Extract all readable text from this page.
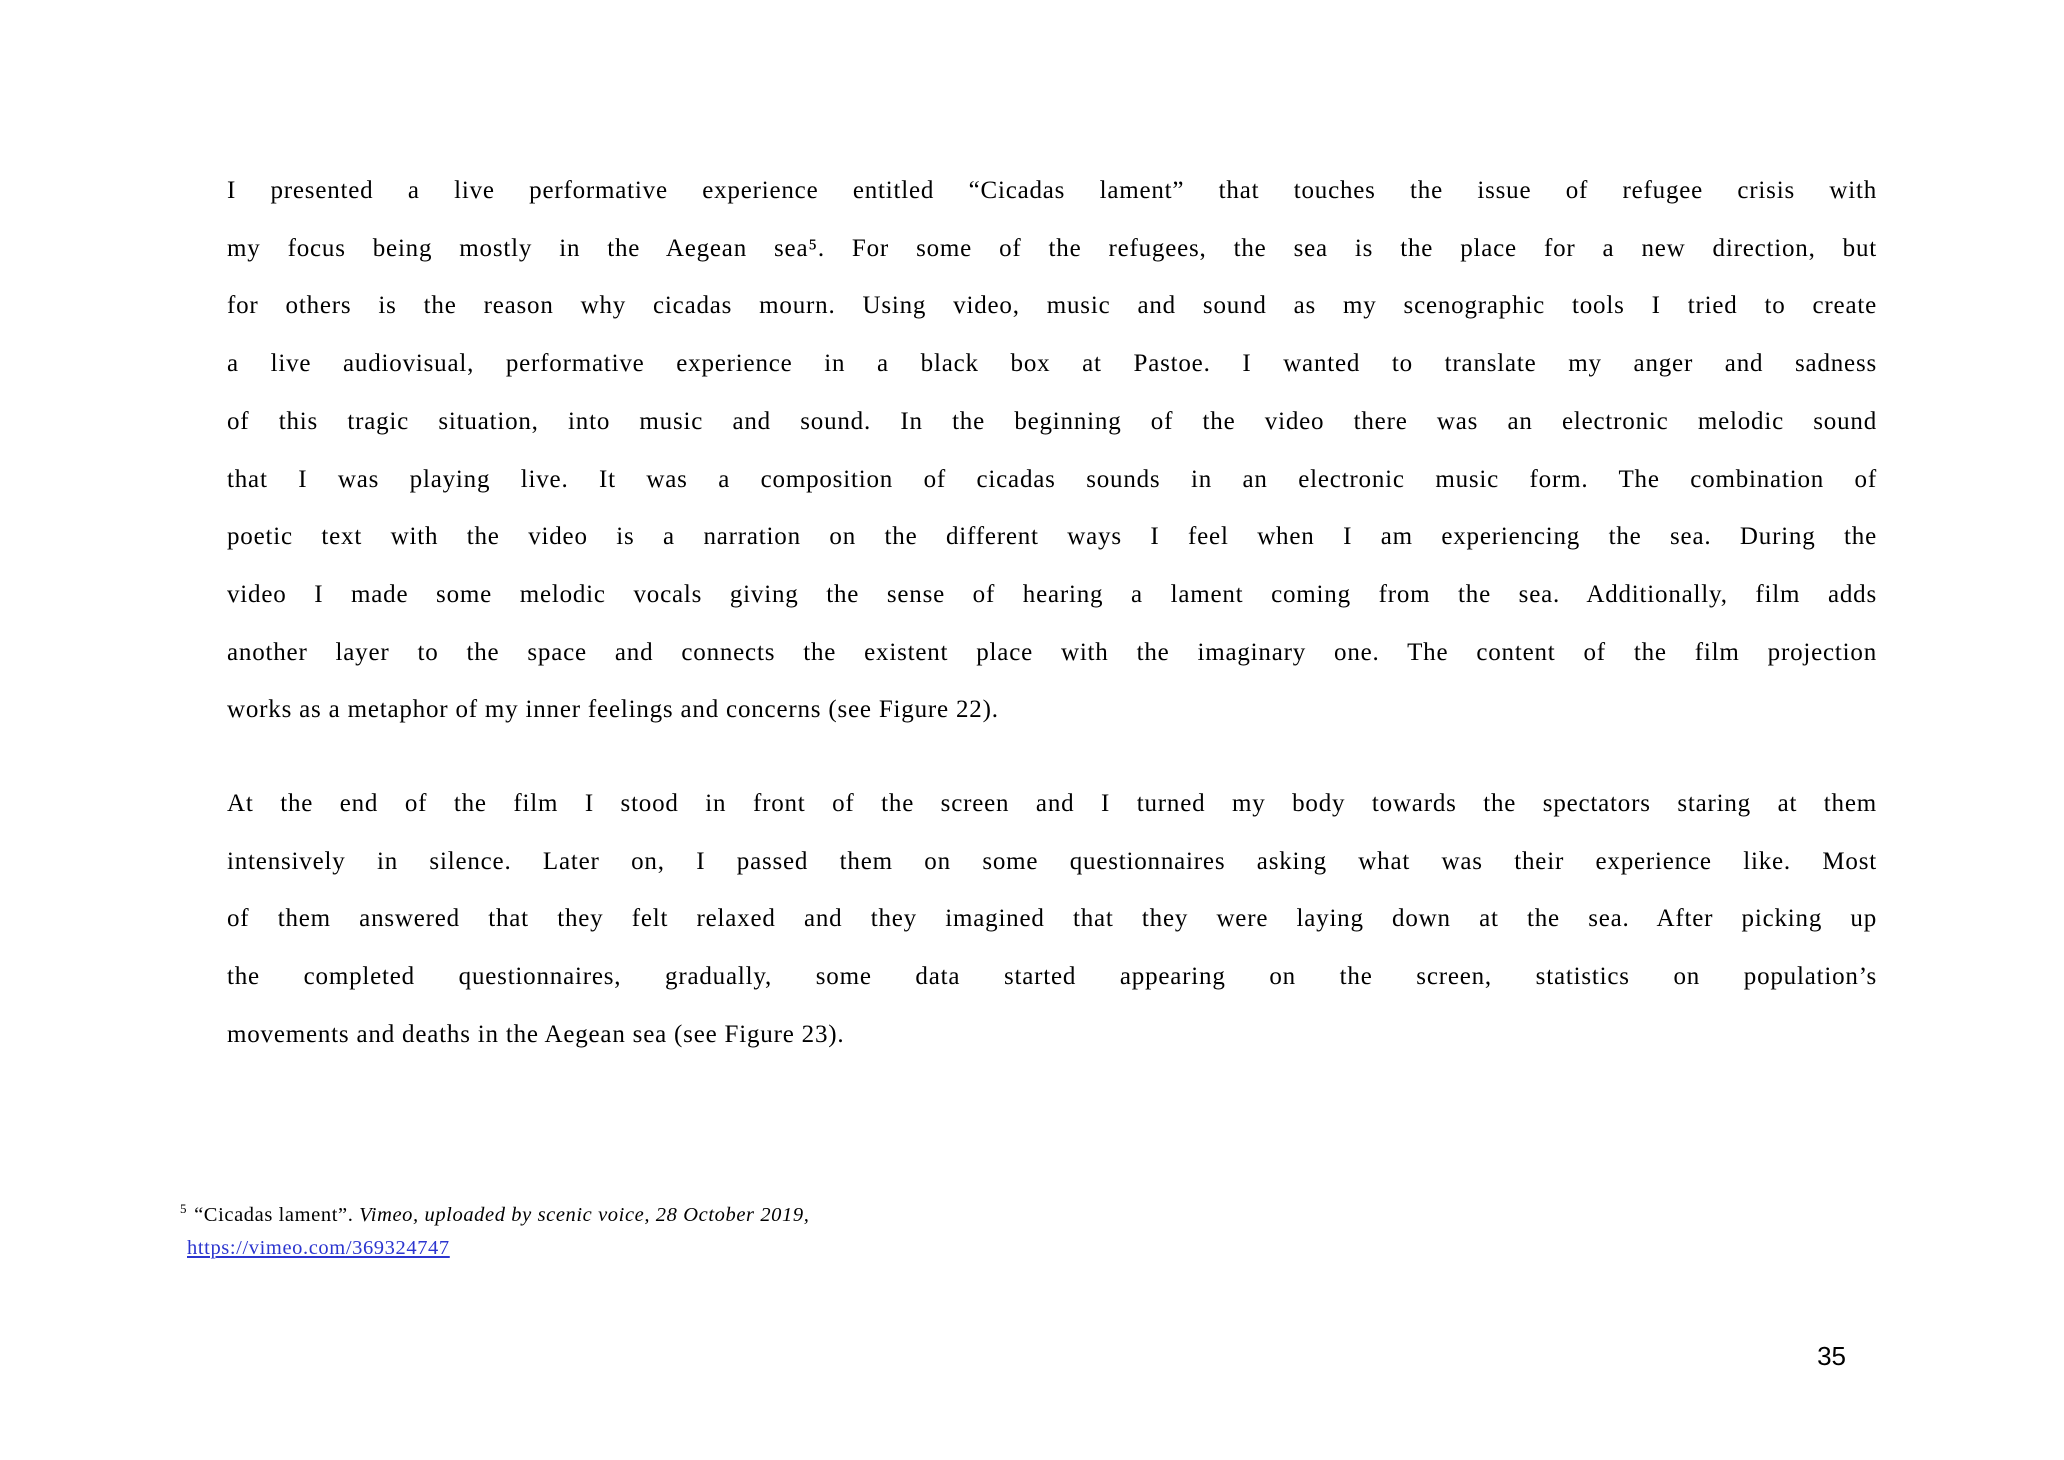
I presented a live performative experience entitled “Cicadas lament” that touches the issue of refugee crisis with
my focus being mostly in the Aegean sea⁵. For some of the refugees, the sea is the place for a new direction, but
for others is the reason why cicadas mourn. Using video, music and sound as my scenographic tools I tried to create
a live audiovisual, performative experience in a black box at Pastoe. I wanted to translate my anger and sadness
of this tragic situation, into music and sound. In the beginning of the video there was an electronic melodic sound
that I was playing live. It was a composition of cicadas sounds in an electronic music form. The combination of
poetic text with the video is a narration on the different ways I feel when I am experiencing the sea. During the
video I made some melodic vocals giving the sense of hearing a lament coming from the sea. Additionally, film adds
another layer to the space and connects the existent place with the imaginary one. The content of the film projection
works as a metaphor of my inner feelings and concerns (see Figure 22).
At the end of the film I stood in front of the screen and I turned my body towards the spectators staring at them
intensively in silence. Later on, I passed them on some questionnaires asking what was their experience like. Most
of them answered that they felt relaxed and they imagined that they were laying down at the sea. After picking up
the completed questionnaires, gradually, some data started appearing on the screen, statistics on population’s
movements and deaths in the Aegean sea (see Figure 23).
$^5$ “Cicadas lament”. Vimeo, uploaded by scenic voice, 28 October 2019,
https://vimeo.com/369324747
35
